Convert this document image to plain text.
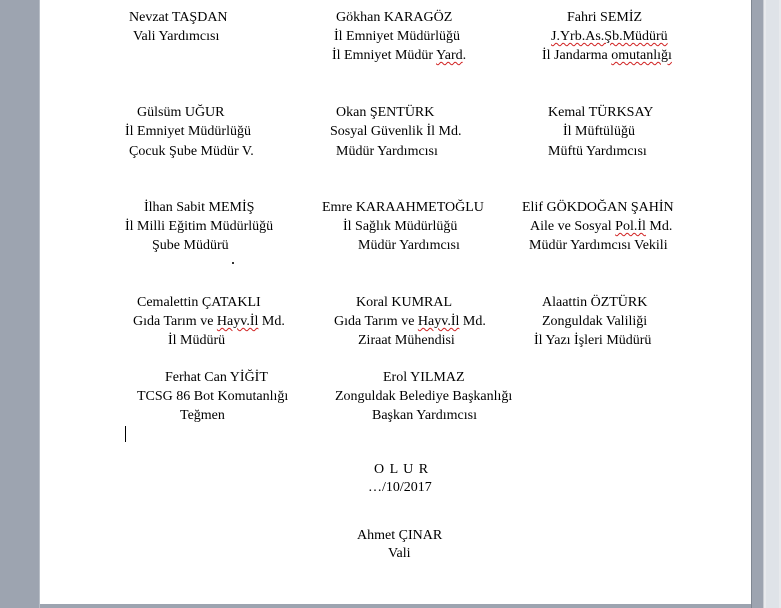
Nevzat TAŞDAN
Vali Yardımcısı
Gökhan KARAGÖZ
İl Emniyet Müdürlüğü
İl Emniyet Müdür Yard.
Fahri SEMİZ
J.Yrb.As.Şb.Müdürü
İl Jandarma omutanlığı
Gülsüm UĞUR
İl Emniyet Müdürlüğü
Çocuk Şube Müdür V.
Okan ŞENTÜRK
Sosyal Güvenlik İl Md.
Müdür Yardımcısı
Kemal TÜRKSAY
İl Müftülüğü
Müftü Yardımcısı
İlhan Sabit MEMİŞ
İl Milli Eğitim Müdürlüğü
Şube Müdürü
Emre KARAAHMETOĞLU
İl Sağlık Müdürlüğü
Müdür Yardımcısı
Elif GÖKDOĞAN ŞAHİN
Aile ve Sosyal Pol.İl Md.
Müdür Yardımcısı Vekili
Cemalettin ÇATAKLI
Gıda Tarım ve Hayv.İl Md.
İl Müdürü
Koral KUMRAL
Gıda Tarım ve Hayv.İl Md.
Ziraat Mühendisi
Alaattin ÖZTÜRK
Zonguldak Valiliği
İl Yazı İşleri Müdürü
Ferhat Can YİĞİT
TCSG 86 Bot Komutanlığı
Teğmen
Erol YILMAZ
Zonguldak Belediye Başkanlığı
Başkan Yardımcısı
O L U R
…/10/2017
Ahmet ÇINAR
Vali
